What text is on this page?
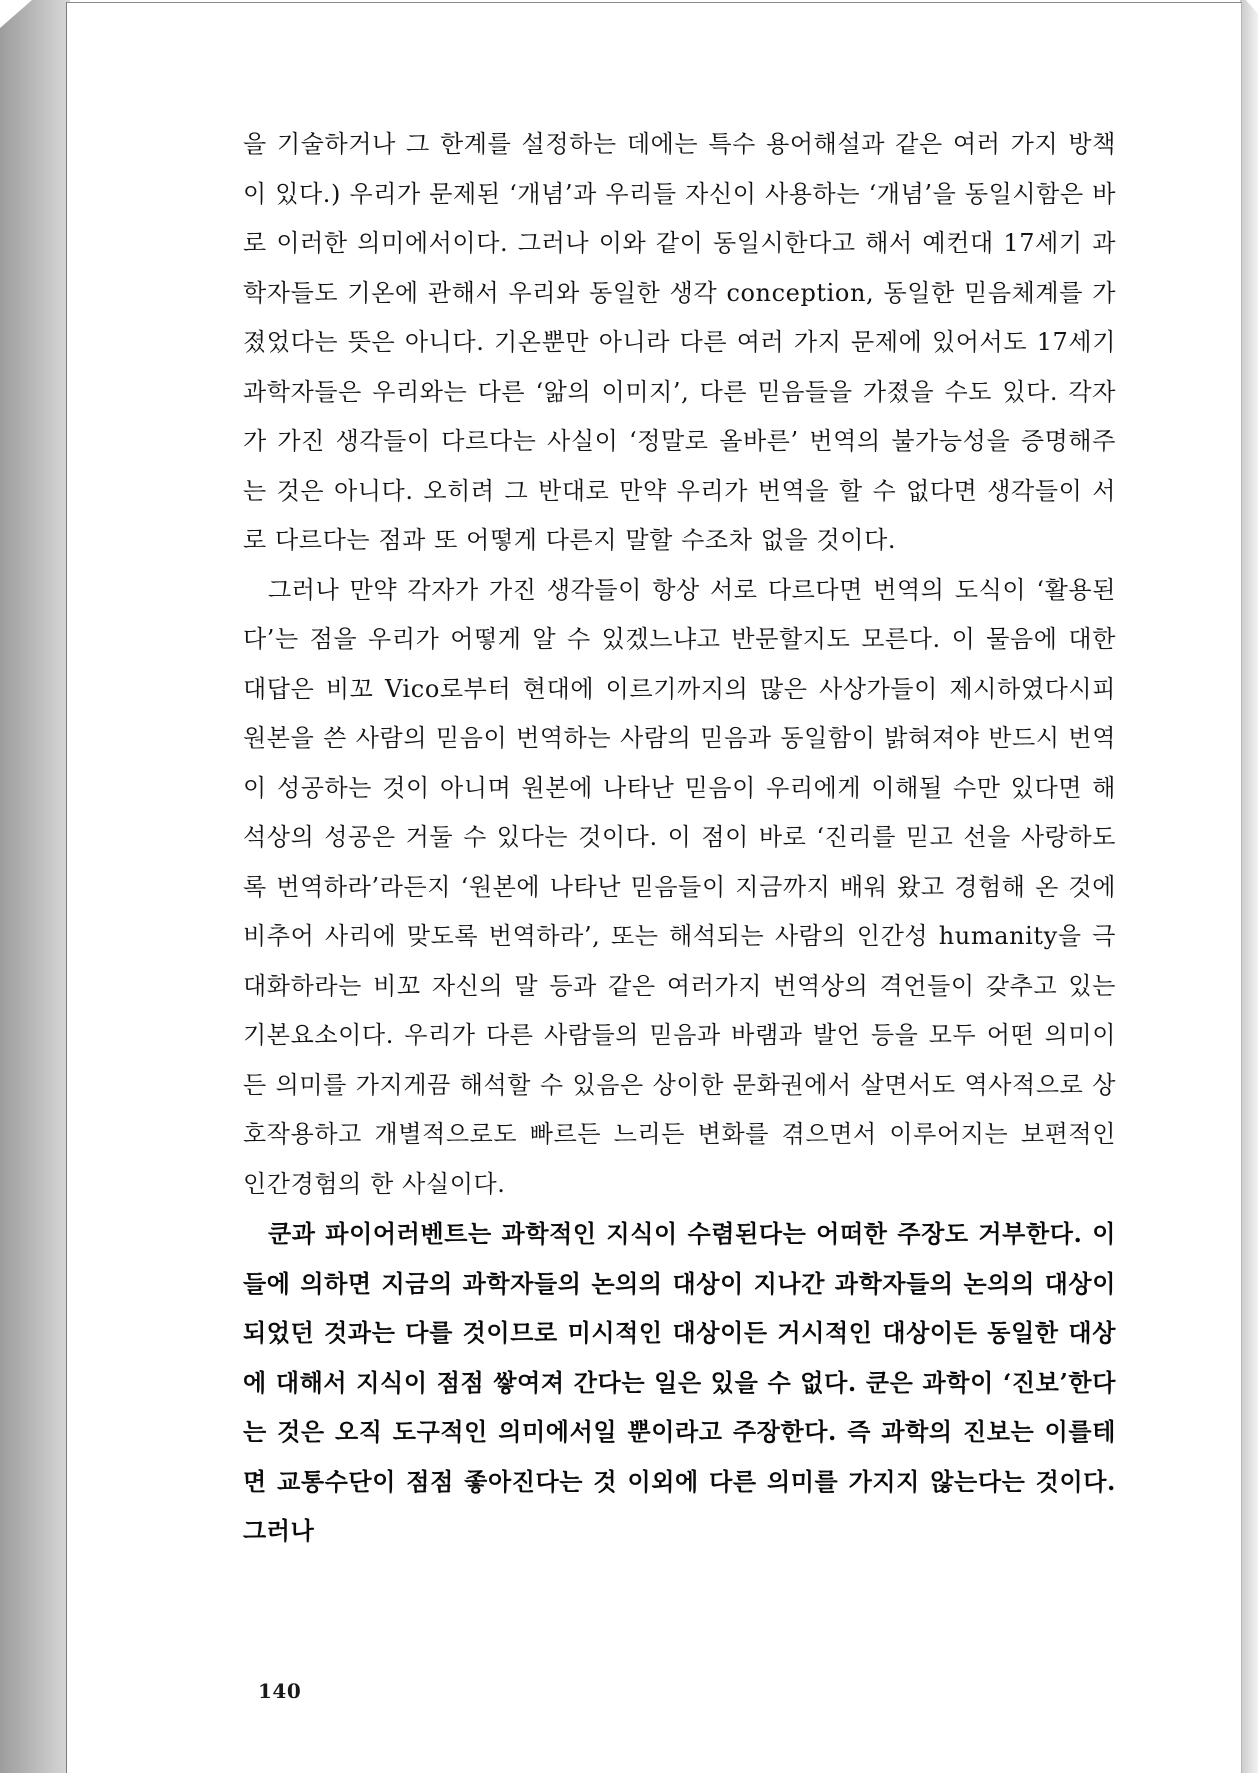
을 기술하거나 그 한계를 설정하는 데에는 특수 용어해설과 같은 여러 가지 방책이 있다.) 우리가 문제된 ‘개념’과 우리들 자신이 사용하는 ‘개념’을 동일시함은 바로 이러한 의미에서이다. 그러나 이와 같이 동일시한다고 해서 예컨대 17세기 과학자들도 기온에 관해서 우리와 동일한 생각 conception, 동일한 믿음체계를 가졌었다는 뜻은 아니다. 기온뿐만 아니라 다른 여러 가지 문제에 있어서도 17세기 과학자들은 우리와는 다른 ‘앎의 이미지’, 다른 믿음들을 가졌을 수도 있다. 각자가 가진 생각들이 다르다는 사실이 ‘정말로 올바른’ 번역의 불가능성을 증명해주는 것은 아니다. 오히려 그 반대로 만약 우리가 번역을 할 수 없다면 생각들이 서로 다르다는 점과 또 어떻게 다른지 말할 수조차 없을 것이다.

그러나 만약 각자가 가진 생각들이 항상 서로 다르다면 번역의 도식이 ‘활용된다’는 점을 우리가 어떻게 알 수 있겠느냐고 반문할지도 모른다. 이 물음에 대한 대답은 비꼬 Vico로부터 현대에 이르기까지의 많은 사상가들이 제시하였다시피 원본을 쓴 사람의 믿음이 번역하는 사람의 믿음과 동일함이 밝혀져야 반드시 번역이 성공하는 것이 아니며 원본에 나타난 믿음이 우리에게 이해될 수만 있다면 해석상의 성공은 거둘 수 있다는 것이다. 이 점이 바로 ‘진리를 믿고 선을 사랑하도록 번역하라’라든지 ‘원본에 나타난 믿음들이 지금까지 배워 왔고 경험해 온 것에 비추어 사리에 맞도록 번역하라’, 또는 해석되는 사람의 인간성 humanity을 극대화하라는 비꼬 자신의 말 등과 같은 여러가지 번역상의 격언들이 갖추고 있는 기본요소이다. 우리가 다른 사람들의 믿음과 바램과 발언 등을 모두 어떤 의미이든 의미를 가지게끔 해석할 수 있음은 상이한 문화권에서 살면서도 역사적으로 상호작용하고 개별적으로도 빠르든 느리든 변화를 겪으면서 이루어지는 보편적인 인간경험의 한 사실이다.

쿤과 파이어러벤트는 과학적인 지식이 수렴된다는 어떠한 주장도 거부한다. 이들에 의하면 지금의 과학자들의 논의의 대상이 지나간 과학자들의 논의의 대상이 되었던 것과는 다를 것이므로 미시적인 대상이든 거시적인 대상이든 동일한 대상에 대해서 지식이 점점 쌓여져 간다는 일은 있을 수 없다. 쿤은 과학이 ‘진보’한다는 것은 오직 도구적인 의미에서일 뿐이라고 주장한다. 즉 과학의 진보는 이를테면 교통수단이 점점 좋아진다는 것 이외에 다른 의미를 가지지 않는다는 것이다. 그러나

140
